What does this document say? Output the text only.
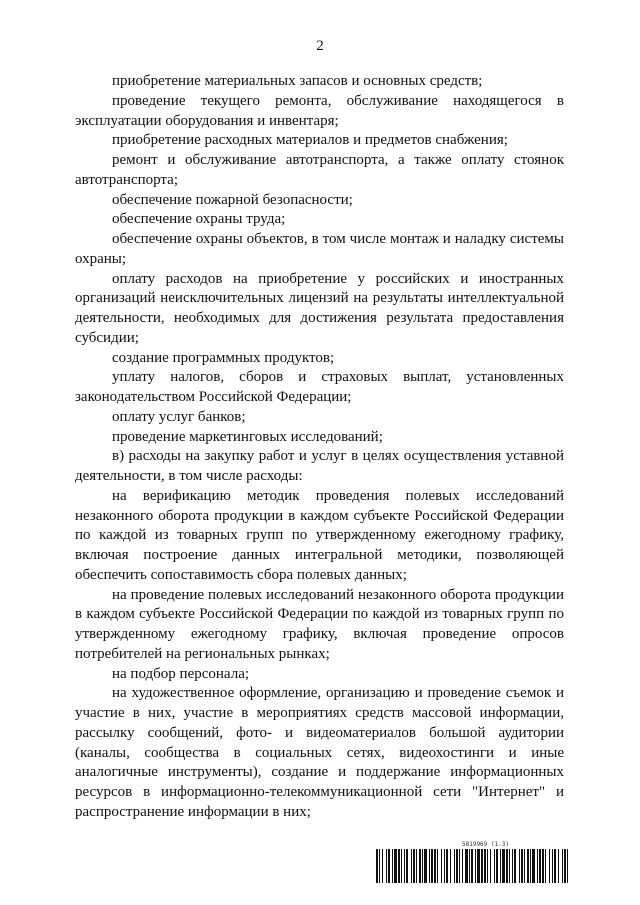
2

приобретение материальных запасов и основных средств;

проведение текущего ремонта, обслуживание находящегося в эксплуатации оборудования и инвентаря;

приобретение расходных материалов и предметов снабжения;

ремонт и обслуживание автотранспорта, а также оплату стоянок автотранспорта;

обеспечение пожарной безопасности;

обеспечение охраны труда;

обеспечение охраны объектов, в том числе монтаж и наладку системы охраны;

оплату расходов на приобретение у российских и иностранных организаций неисключительных лицензий на результаты интеллектуальной деятельности, необходимых для достижения результата предоставления субсидии;

создание программных продуктов;

уплату налогов, сборов и страховых выплат, установленных законодательством Российской Федерации;

оплату услуг банков;

проведение маркетинговых исследований;

в) расходы на закупку работ и услуг в целях осуществления уставной деятельности, в том числе расходы:

на верификацию методик проведения полевых исследований незаконного оборота продукции в каждом субъекте Российской Федерации по каждой из товарных групп по утвержденному ежегодному графику, включая построение данных интегральной методики, позволяющей обеспечить сопоставимость сбора полевых данных;

на проведение полевых исследований незаконного оборота продукции в каждом субъекте Российской Федерации по каждой из товарных групп по утвержденному ежегодному графику, включая проведение опросов потребителей на региональных рынках;

на подбор персонала;

на художественное оформление, организацию и проведение съемок и участие в них, участие в мероприятиях средств массовой информации, рассылку сообщений, фото- и видеоматериалов большой аудитории (каналы, сообщества в социальных сетях, видеохостинги и иные аналогичные инструменты), создание и поддержание информационных ресурсов в информационно-телекоммуникационной сети "Интернет" и распространение информации в них;

5819969 (1.3)
